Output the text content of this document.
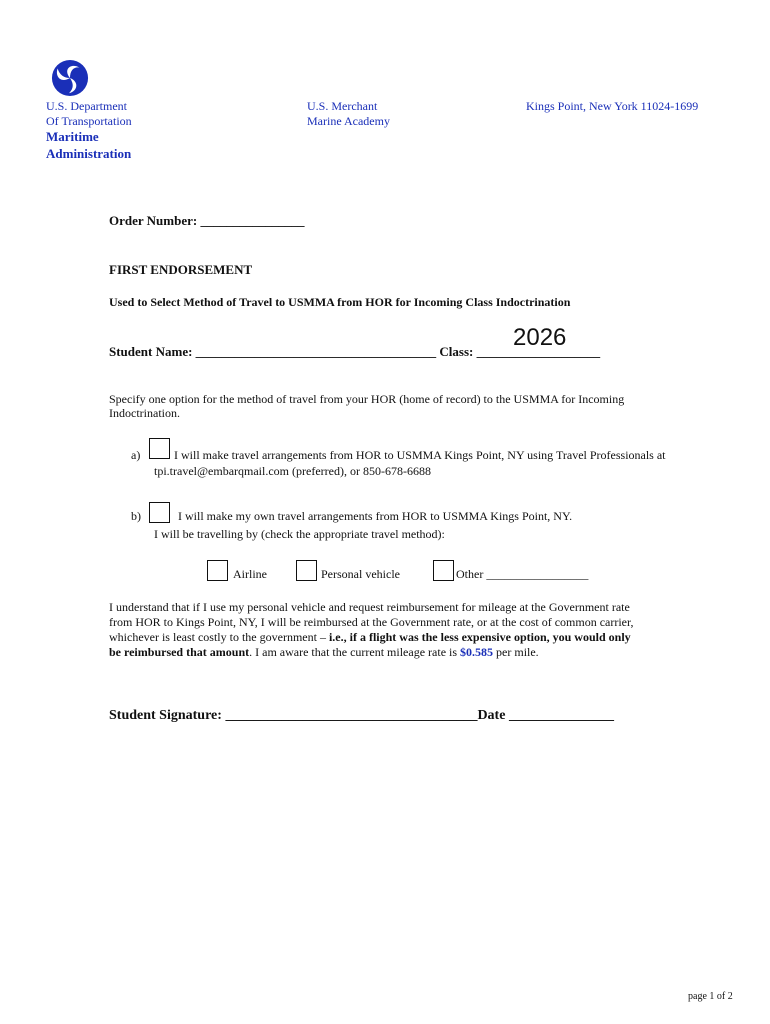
U.S. Department
Of Transportation
Maritime
Administration
U.S. Merchant
Marine Academy
Kings Point, New York 11024-1699
Order Number: ________________
FIRST ENDORSEMENT
Used to Select Method of Travel to USMMA from HOR for Incoming Class Indoctrination
Student Name: _____________________________________ Class: ___________________
2026
Specify one option for the method of travel from your HOR (home of record) to the USMMA for Incoming
Indoctrination.
a)	I will make travel arrangements from HOR to USMMA Kings Point, NY using Travel Professionals at
tpi.travel@embarqmail.com (preferred), or 850-678-6688
b)	I will make my own travel arrangements from HOR to USMMA Kings Point, NY.
I will be travelling by (check the appropriate travel method):
Airline	Personal vehicle	Other _________________
I understand that if I use my personal vehicle and request reimbursement for mileage at the Government rate
from HOR to Kings Point, NY, I will be reimbursed at the Government rate, or at the cost of common carrier,
whichever is least costly to the government – i.e., if a flight was the less expensive option, you would only
be reimbursed that amount. I am aware that the current mileage rate is $0.585 per mile.
Student Signature: ____________________________________Date _______________
page 1 of 2
